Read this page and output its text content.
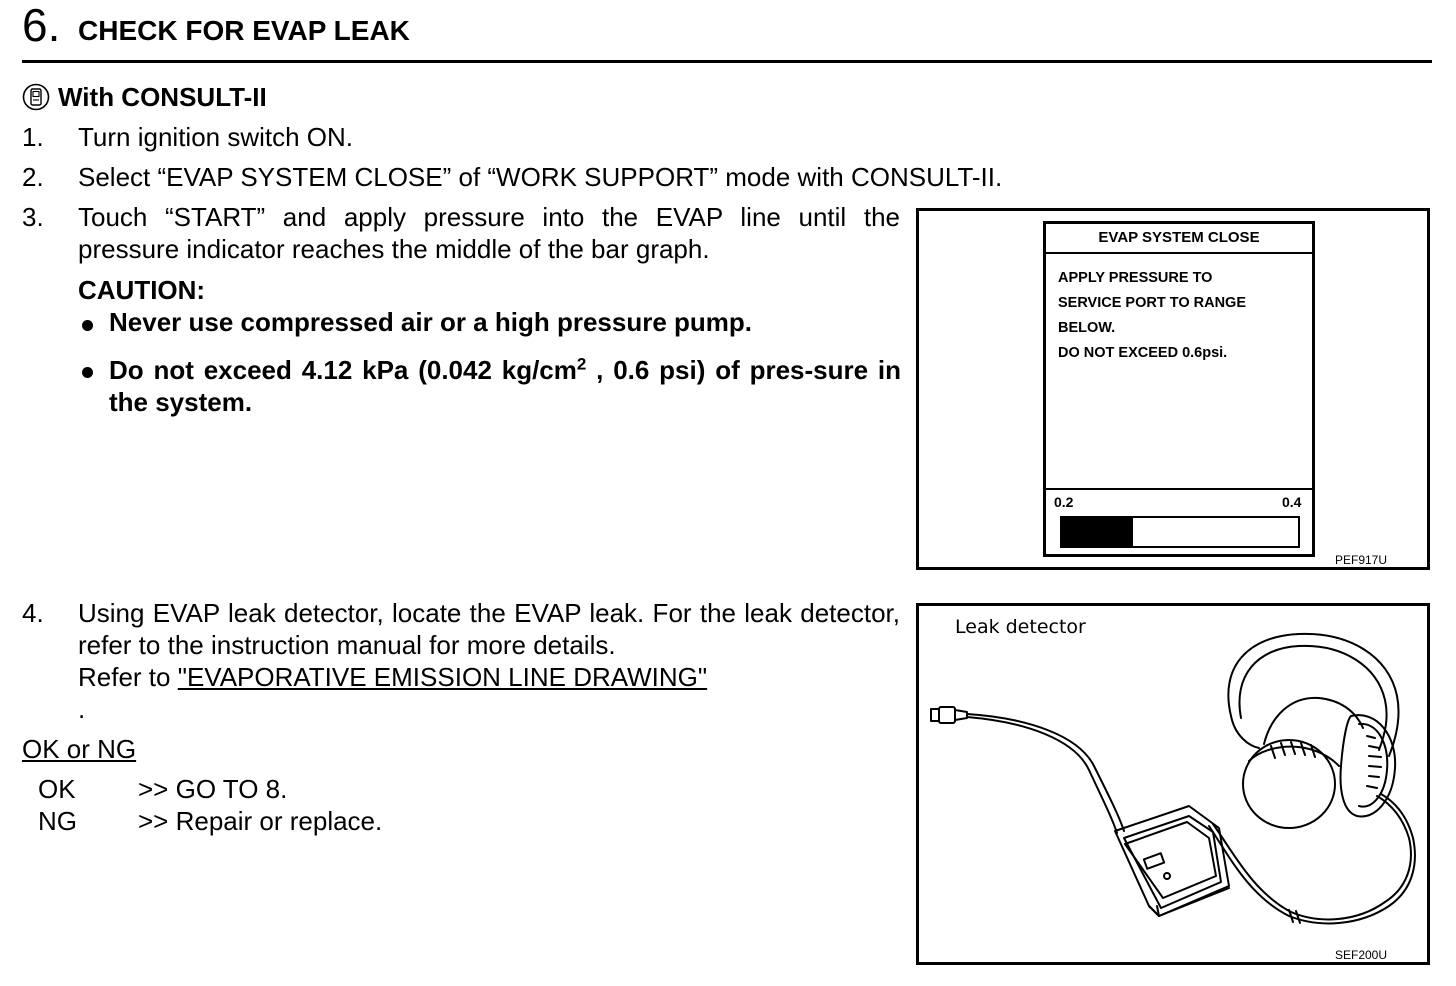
6. CHECK FOR EVAP LEAK
With CONSULT-II
1. Turn ignition switch ON.
2. Select “EVAP SYSTEM CLOSE” of “WORK SUPPORT” mode with CONSULT-II.
3. Touch “START” and apply pressure into the EVAP line until the pressure indicator reaches the middle of the bar graph.
CAUTION:
Never use compressed air or a high pressure pump.
Do not exceed 4.12 kPa (0.042 $kg/cm^2$ , 0.6 psi) of pres-sure in the system.
4. Using EVAP leak detector, locate the EVAP leak. For the leak detector, refer to the instruction manual for more details.
Refer to "EVAPORATIVE EMISSION LINE DRAWING"
.
OK or NG
OK >> GO TO 8.
NG >> Repair or replace.
EVAP SYSTEM CLOSE
APPLY PRESSURE TO
SERVICE PORT TO RANGE
BELOW.
DO NOT EXCEED 0.6psi.
0.2	0.4
PEF917U
Leak detector
SEF200U
